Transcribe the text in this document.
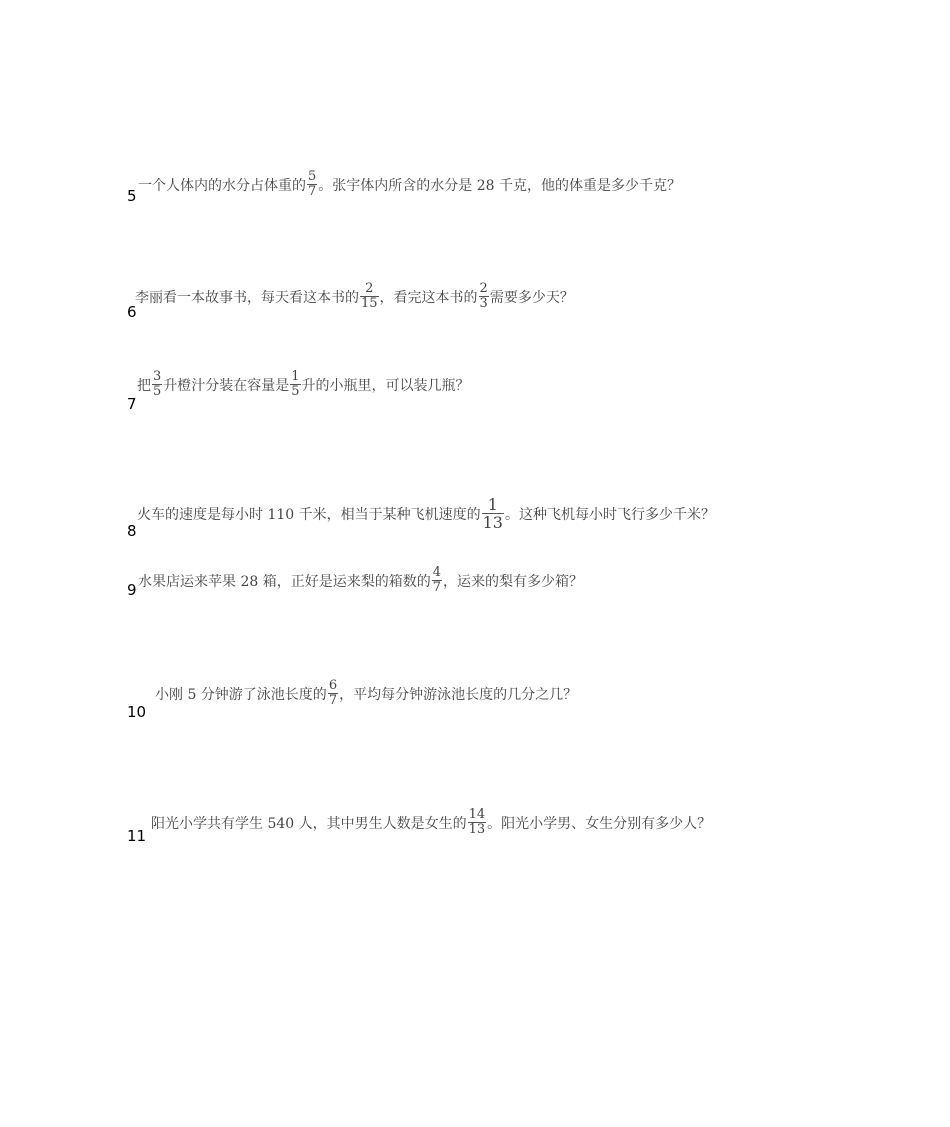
5
一个人体内的水分占体重的 $\frac{5}{7}$ 。张宇体内所含的水分是 28 千克，他的体重是多少千克？
6
李丽看一本故事书，每天看这本书的 $\frac{2}{15}$ ，看完这本书的 $\frac{2}{3}$ 需要多少天？
7
把 $\frac{3}{5}$ 升橙汁分装在容量是 $\frac{1}{5}$ 升的小瓶里，可以装几瓶？
8
火车的速度是每小时 110 千米，相当于某种飞机速度的 $\frac{1}{13}$ 。这种飞机每小时飞行多少千米？
9 水果店运来苹果 28 箱，正好是运来梨的箱数的 $\frac{4}{7}$ ，运来的梨有多少箱？
10
小刚 5 分钟游了泳池长度的 $\frac{6}{7}$ ，平均每分钟游泳池长度的几分之几？
11
阳光小学共有学生 540 人，其中男生人数是女生的 $\frac{14}{13}$ 。阳光小学男、女生分别有多少人？
